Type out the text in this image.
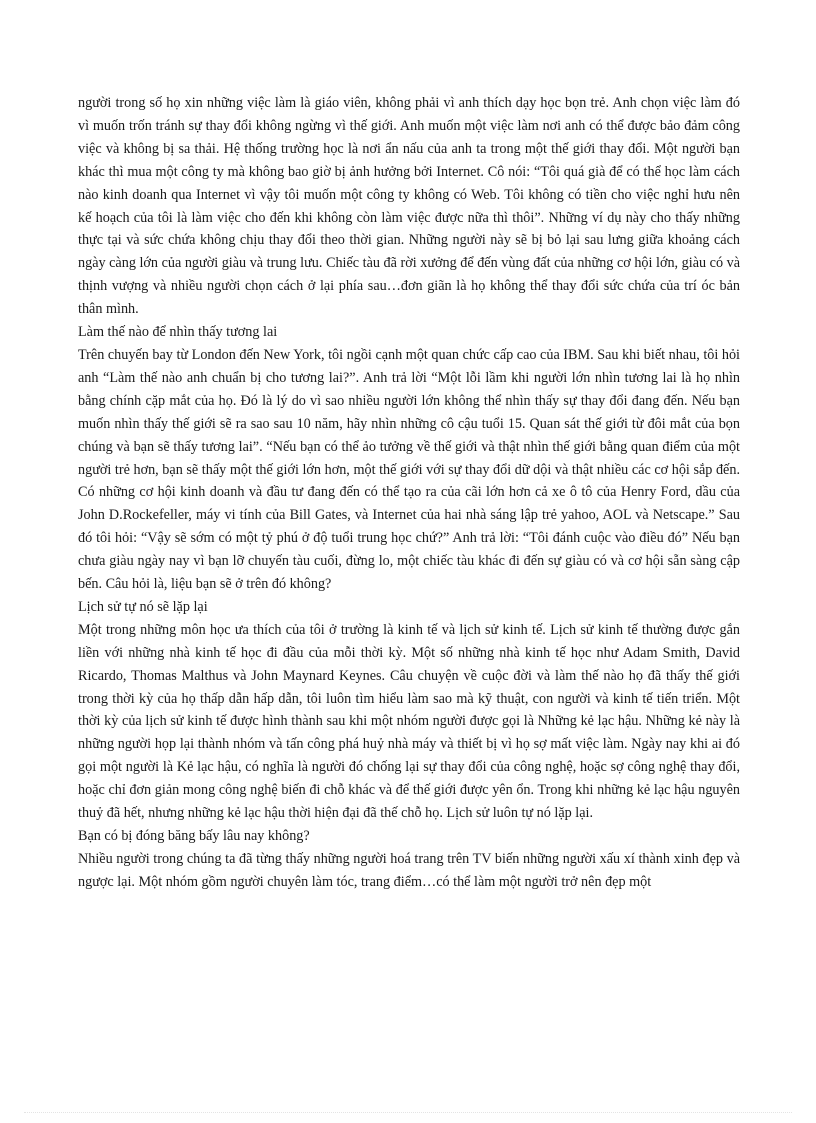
người trong số họ xin những việc làm là giáo viên, không phải vì anh thích dạy học bọn trẻ. Anh chọn việc làm đó vì muốn trốn tránh sự thay đổi không ngừng vì thế giới. Anh muốn một việc làm nơi anh có thể được bảo đảm công việc và không bị sa thải. Hệ thống trường học là nơi ẩn nấu của anh ta trong một thế giới thay đổi. Một người bạn khác thì mua một công ty mà không bao giờ bị ảnh hưởng bởi Internet. Cô nói: “Tôi quá già để có thể học làm cách nào kinh doanh qua Internet vì vậy tôi muốn một công ty không có Web. Tôi không có tiền cho việc nghỉ hưu nên kế hoạch của tôi là làm việc cho đến khi không còn làm việc được nữa thì thôi”. Những ví dụ này cho thấy những thực tại và sức chứa không chịu thay đổi theo thời gian. Những người này sẽ bị bỏ lại sau lưng giữa khoảng cách ngày càng lớn của người giàu và trung lưu. Chiếc tàu đã rời xưởng để đến vùng đất của những cơ hội lớn, giàu có và thịnh vượng và nhiều người chọn cách ở lại phía sau…đơn giãn là họ không thể thay đổi sức chứa của trí óc bản thân mình.

Làm thế nào để nhìn thấy tương lai

Trên chuyến bay từ London đến New York, tôi ngồi cạnh một quan chức cấp cao của IBM. Sau khi biết nhau, tôi hỏi anh “Làm thế nào anh chuẩn bị cho tương lai?”. Anh trả lời “Một lỗi lầm khi người lớn nhìn tương lai là họ nhìn bằng chính cặp mắt của họ. Đó là lý do vì sao nhiều người lớn không thể nhìn thấy sự thay đổi đang đến. Nếu bạn muốn nhìn thấy thế giới sẽ ra sao sau 10 năm, hãy nhìn những cô cậu tuổi 15. Quan sát thế giới từ đôi mắt của bọn chúng và bạn sẽ thấy tương lai”. “Nếu bạn có thể ảo tưởng về thế giới và thật nhìn thế giới bằng quan điểm của một người trẻ hơn, bạn sẽ thấy một thế giới lớn hơn, một thế giới với sự thay đổi dữ dội và thật nhiều các cơ hội sắp đến. Có những cơ hội kinh doanh và đầu tư đang đến có thể tạo ra của cãi lớn hơn cả xe ô tô của Henry Ford, dầu của John D.Rockefeller, máy vi tính của Bill Gates, và Internet của hai nhà sáng lập trẻ yahoo, AOL và Netscape.” Sau đó tôi hỏi: “Vậy sẽ sớm có một tỷ phú ở độ tuổi trung học chứ?” Anh trả lời: “Tôi đánh cuộc vào điều đó” Nếu bạn chưa giàu ngày nay vì bạn lỡ chuyến tàu cuối, đừng lo, một chiếc tàu khác đi đến sự giàu có và cơ hội sẵn sàng cập bến. Câu hỏi là, liệu bạn sẽ ở trên đó không?

Lịch sử tự nó sẽ lặp lại

Một trong những môn học ưa thích của tôi ở trường là kinh tế và lịch sử kinh tế. Lịch sử kinh tế thường được gắn liền với những nhà kinh tế học đi đầu của mỗi thời kỳ. Một số những nhà kinh tế học như Adam Smith, David Ricardo, Thomas Malthus và John Maynard Keynes. Câu chuyện về cuộc đời và làm thế nào họ đã thấy thế giới trong thời kỳ của họ thấp dẫn hấp dẫn, tôi luôn tìm hiểu làm sao mà kỹ thuật, con người và kinh tế tiến triển. Một thời kỳ của lịch sử kinh tế được hình thành sau khi một nhóm người được gọi là Những kẻ lạc hậu. Những kẻ này là những người họp lại thành nhóm và tấn công phá huỷ nhà máy và thiết bị vì họ sợ mất việc làm. Ngày nay khi ai đó gọi một người là Kẻ lạc hậu, có nghĩa là người đó chống lại sự thay đổi của công nghệ, hoặc sợ công nghệ thay đổi, hoặc chỉ đơn giản mong công nghệ biến đi chỗ khác và để thế giới được yên ổn. Trong khi những kẻ lạc hậu nguyên thuỷ đã hết, nhưng những kẻ lạc hậu thời hiện đại đã thế chỗ họ. Lịch sử luôn tự nó lặp lại.

Bạn có bị đóng băng bấy lâu nay không?

Nhiều người trong chúng ta đã từng thấy những người hoá trang trên TV biến những người xấu xí thành xinh đẹp và ngược lại. Một nhóm gồm người chuyên làm tóc, trang điểm…có thể làm một người trở nên đẹp một
